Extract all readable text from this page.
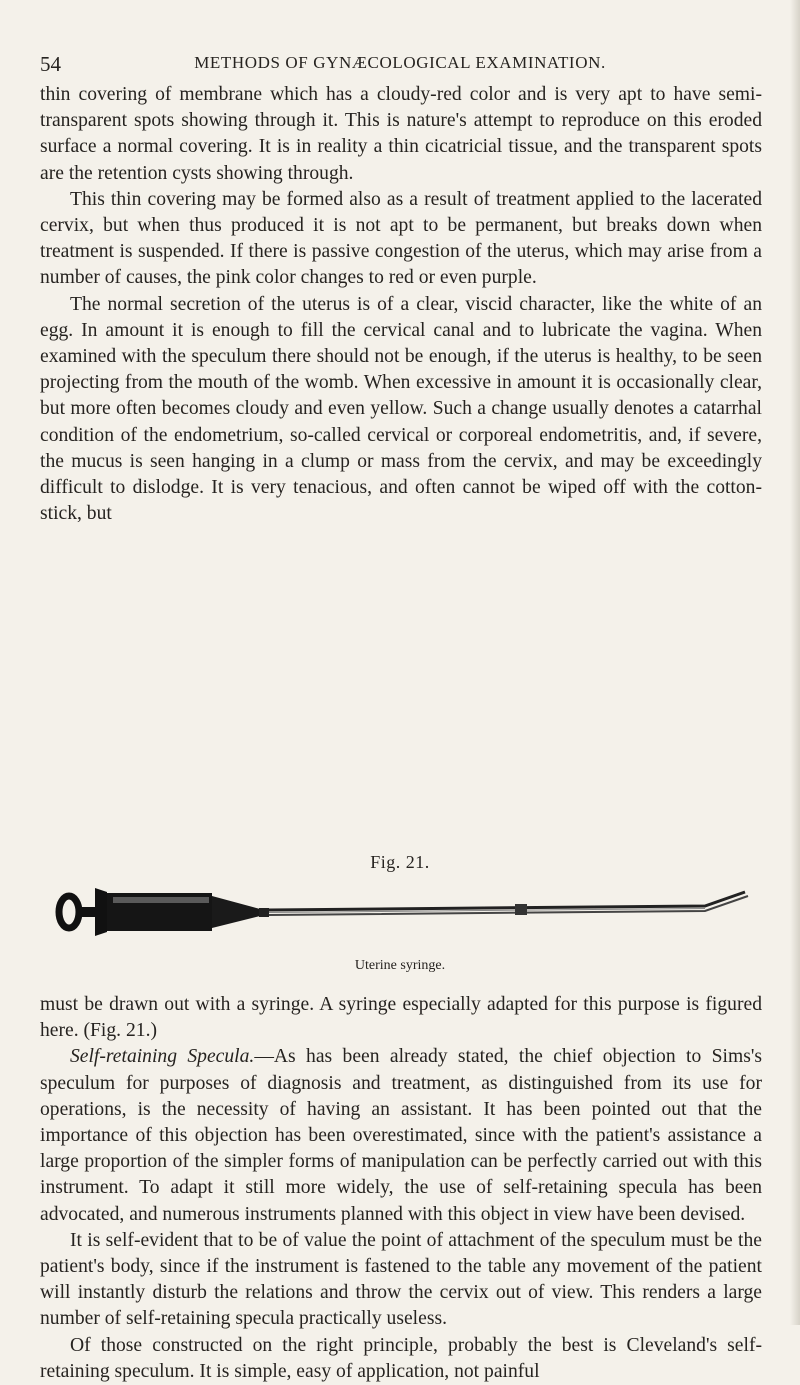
54	METHODS OF GYNÆCOLOGICAL EXAMINATION.

thin covering of membrane which has a cloudy-red color and is very apt to have semi-transparent spots showing through it. This is nature's attempt to reproduce on this eroded surface a normal covering. It is in reality a thin cicatricial tissue, and the transparent spots are the retention cysts showing through.

This thin covering may be formed also as a result of treatment applied to the lacerated cervix, but when thus produced it is not apt to be permanent, but breaks down when treatment is suspended. If there is passive congestion of the uterus, which may arise from a number of causes, the pink color changes to red or even purple.

The normal secretion of the uterus is of a clear, viscid character, like the white of an egg. In amount it is enough to fill the cervical canal and to lubricate the vagina. When examined with the speculum there should not be enough, if the uterus is healthy, to be seen projecting from the mouth of the womb. When excessive in amount it is occasionally clear, but more often becomes cloudy and even yellow. Such a change usually denotes a catarrhal condition of the endometrium, so-called cervical or corporeal endometritis, and, if severe, the mucus is seen hanging in a clump or mass from the cervix, and may be exceedingly difficult to dislodge. It is very tenacious, and often cannot be wiped off with the cotton-stick, but

Fig. 21.
Uterine syringe.

must be drawn out with a syringe. A syringe especially adapted for this purpose is figured here. (Fig. 21.)

Self-retaining Specula.—As has been already stated, the chief objection to Sims's speculum for purposes of diagnosis and treatment, as distinguished from its use for operations, is the necessity of having an assistant. It has been pointed out that the importance of this objection has been overestimated, since with the patient's assistance a large proportion of the simpler forms of manipulation can be perfectly carried out with this instrument. To adapt it still more widely, the use of self-retaining specula has been advocated, and numerous instruments planned with this object in view have been devised.

It is self-evident that to be of value the point of attachment of the speculum must be the patient's body, since if the instrument is fastened to the table any movement of the patient will instantly disturb the relations and throw the cervix out of view. This renders a large number of self-retaining specula practically useless.

Of those constructed on the right principle, probably the best is Cleveland's self-retaining speculum. It is simple, easy of application, not painful
